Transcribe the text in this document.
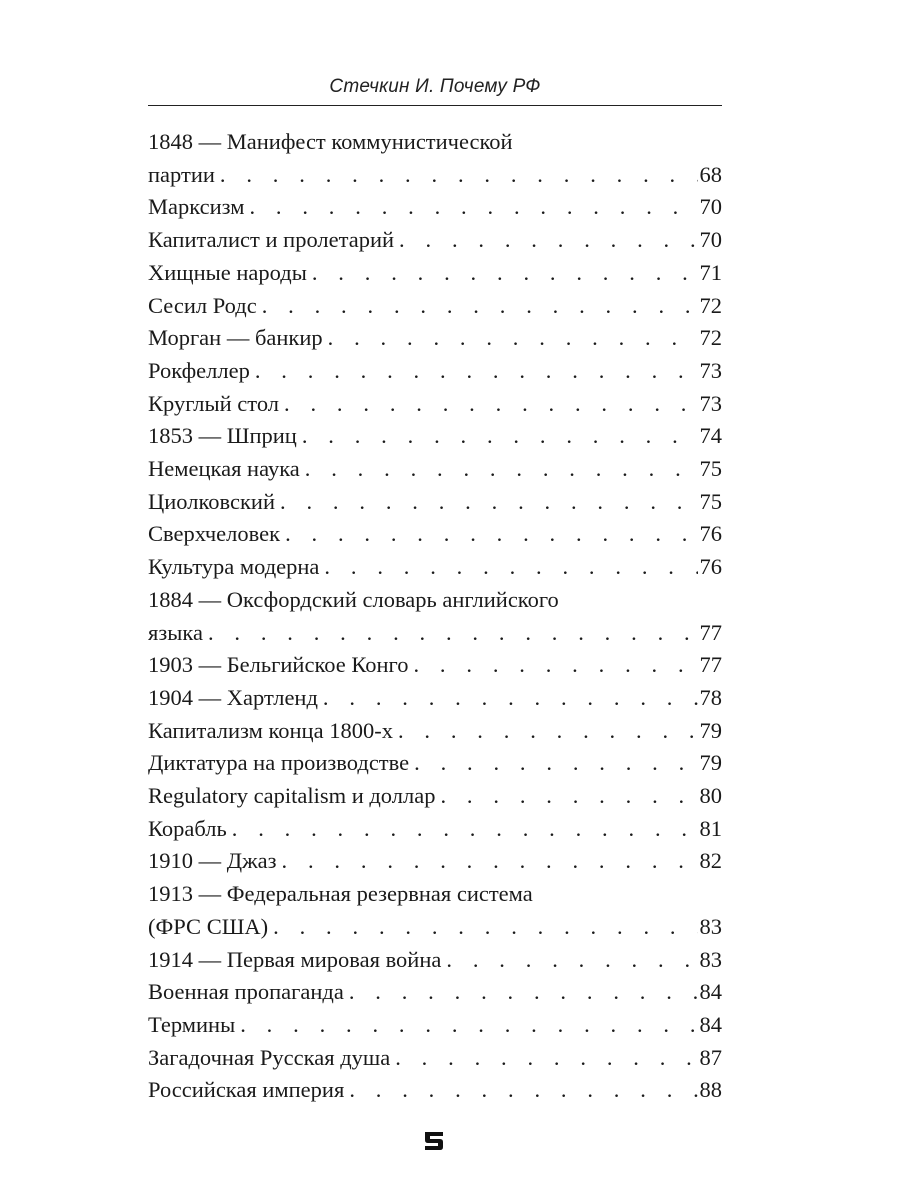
Стечкин И. Почему РФ
1848 — Манифест коммунистической
партии . . .	68
Марксизм . . .	70
Капиталист и пролетарий . . .	70
Хищные народы . . .	71
Сесил Родс . . .	72
Морган — банкир . . .	72
Рокфеллер . . .	73
Круглый стол . . .	73
1853 — Шприц . . .	74
Немецкая наука . . .	75
Циолковский . . .	75
Сверхчеловек . . .	76
Культура модерна . . .	76
1884 — Оксфордский словарь английского
языка . . .	77
1903 — Бельгийское Конго . . .	77
1904 — Хартленд . . .	78
Капитализм конца 1800-х . . .	79
Диктатура на производстве . . .	79
Regulatory capitalism и доллар . . .	80
Корабль . . .	81
1910 — Джаз . . .	82
1913 — Федеральная резервная система
(ФРС США) . . .	83
1914 — Первая мировая война . . .	83
Военная пропаганда . . .	84
Термины . . .	84
Загадочная Русская душа . . .	87
Российская империя . . .	88
